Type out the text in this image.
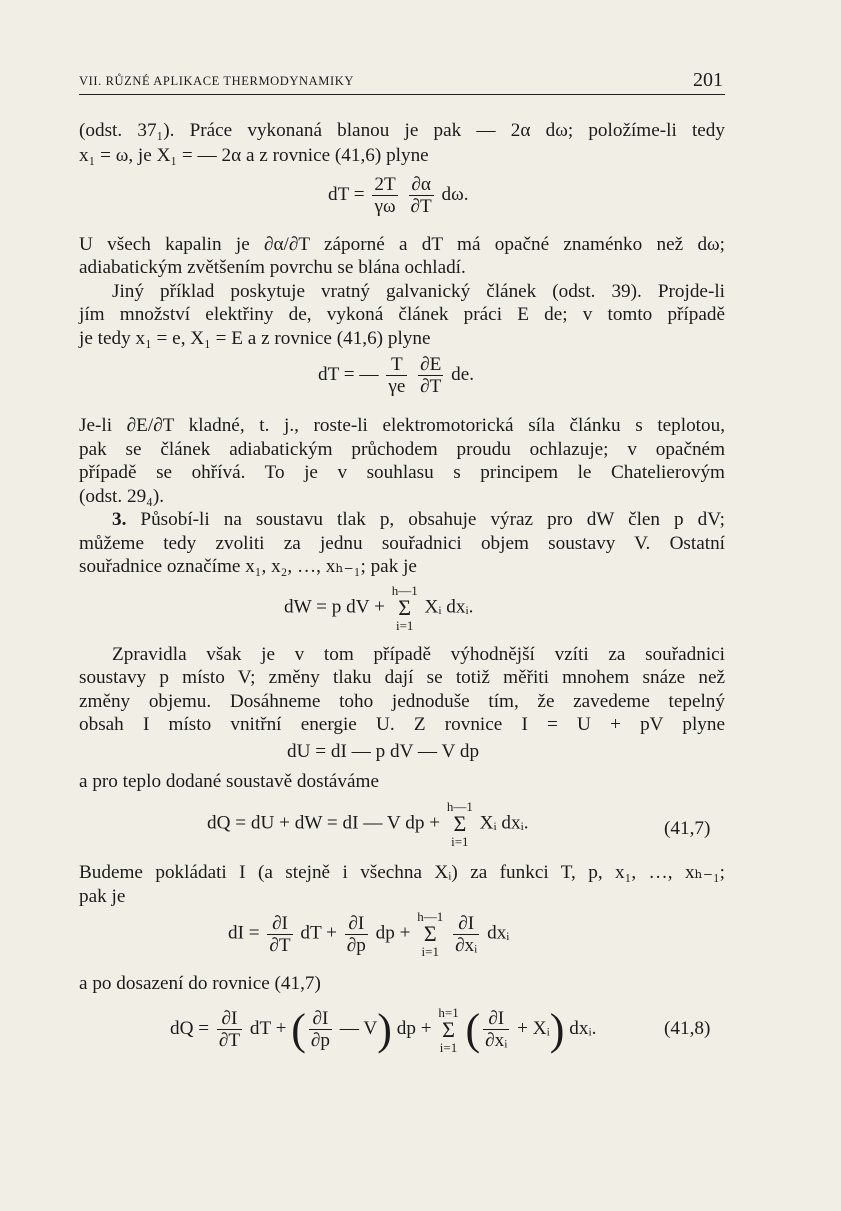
VII. RŮZNÉ APLIKACE THERMODYNAMIKY	201
(odst. 37₁). Práce vykonaná blanou je pak — 2α dω; položíme-li tedy
x₁ = ω, je X₁ = — 2α a z rovnice (41,6) plyne
dT = $\frac{2T}{\gamma\omega}$
$\frac{\partial\alpha}{\partial T} d\omega$.
U všech kapalin je ∂α/∂T záporné a dT má opačné znaménko než dω;
adiabatickým zvětšením povrchu se blána ochladí.
Jiný příklad poskytuje vratný galvanický článek (odst. 39). Projde-li
jím množství elektřiny de, vykoná článek práci E de; v tomto případě
je tedy x₁ = e, X₁ = E a z rovnice (41,6) plyne
dT = — $\frac{T}{\gamma e}$
$\frac{\partial E}{\partial T}$ de.
Je-li ∂E/∂T kladné, t. j., roste-li elektromotorická síla článku s teplotou,
pak se článek adiabatickým průchodem proudu ochlazuje; v opačném
případě se ohřívá. To je v souhlasu s principem le Chatelierovým
(odst. 29₄).
3. Působí-li na soustavu tlak p, obsahuje výraz pro dW člen p dV;
můžeme tedy zvoliti za jednu souřadnici objem soustavy V. Ostatní
souřadnice označíme x₁, x₂, …, xₕ₋₁; pak je
dW = p dV +
h—1
Σ
i=1
Xᵢ dxᵢ.
Zpravidla však je v tom případě výhodnější vzíti za souřadnici
soustavy p místo V; změny tlaku dají se totiž měřiti mnohem snáze než
změny objemu. Dosáhneme toho jednoduše tím, že zavedeme tepelný
obsah I místo vnitřní energie U. Z rovnice I = U + pV plyne
dU = dI — p dV — V dp
a pro teplo dodané soustavě dostáváme
dQ = dU + dW = dI — V dp +
h—1
Σ
i=1
Xᵢ dxᵢ.	(41,7)
Budeme pokládati I (a stejně i všechna Xᵢ) za funkci T, p, x₁, …, xₕ₋₁;
pak je
dI = $\frac{\partial I}{\partial T}$ dT + $\frac{\partial I}{\partial p}$ dp +
h—1
Σ
i=1
$\frac{\partial I}{\text{∂xᵢ}}$ dxᵢ
a po dosazení do rovnice (41,7)
dQ = $\frac{\partial I}{\partial T}$ dT + ( $\frac{\partial I}{\partial p}$ — V) dp +
h=1
Σ
i=1 ( $\frac{\partial I}{\text{∂xᵢ}}$ + Xᵢ) dxᵢ.	(41,8)
